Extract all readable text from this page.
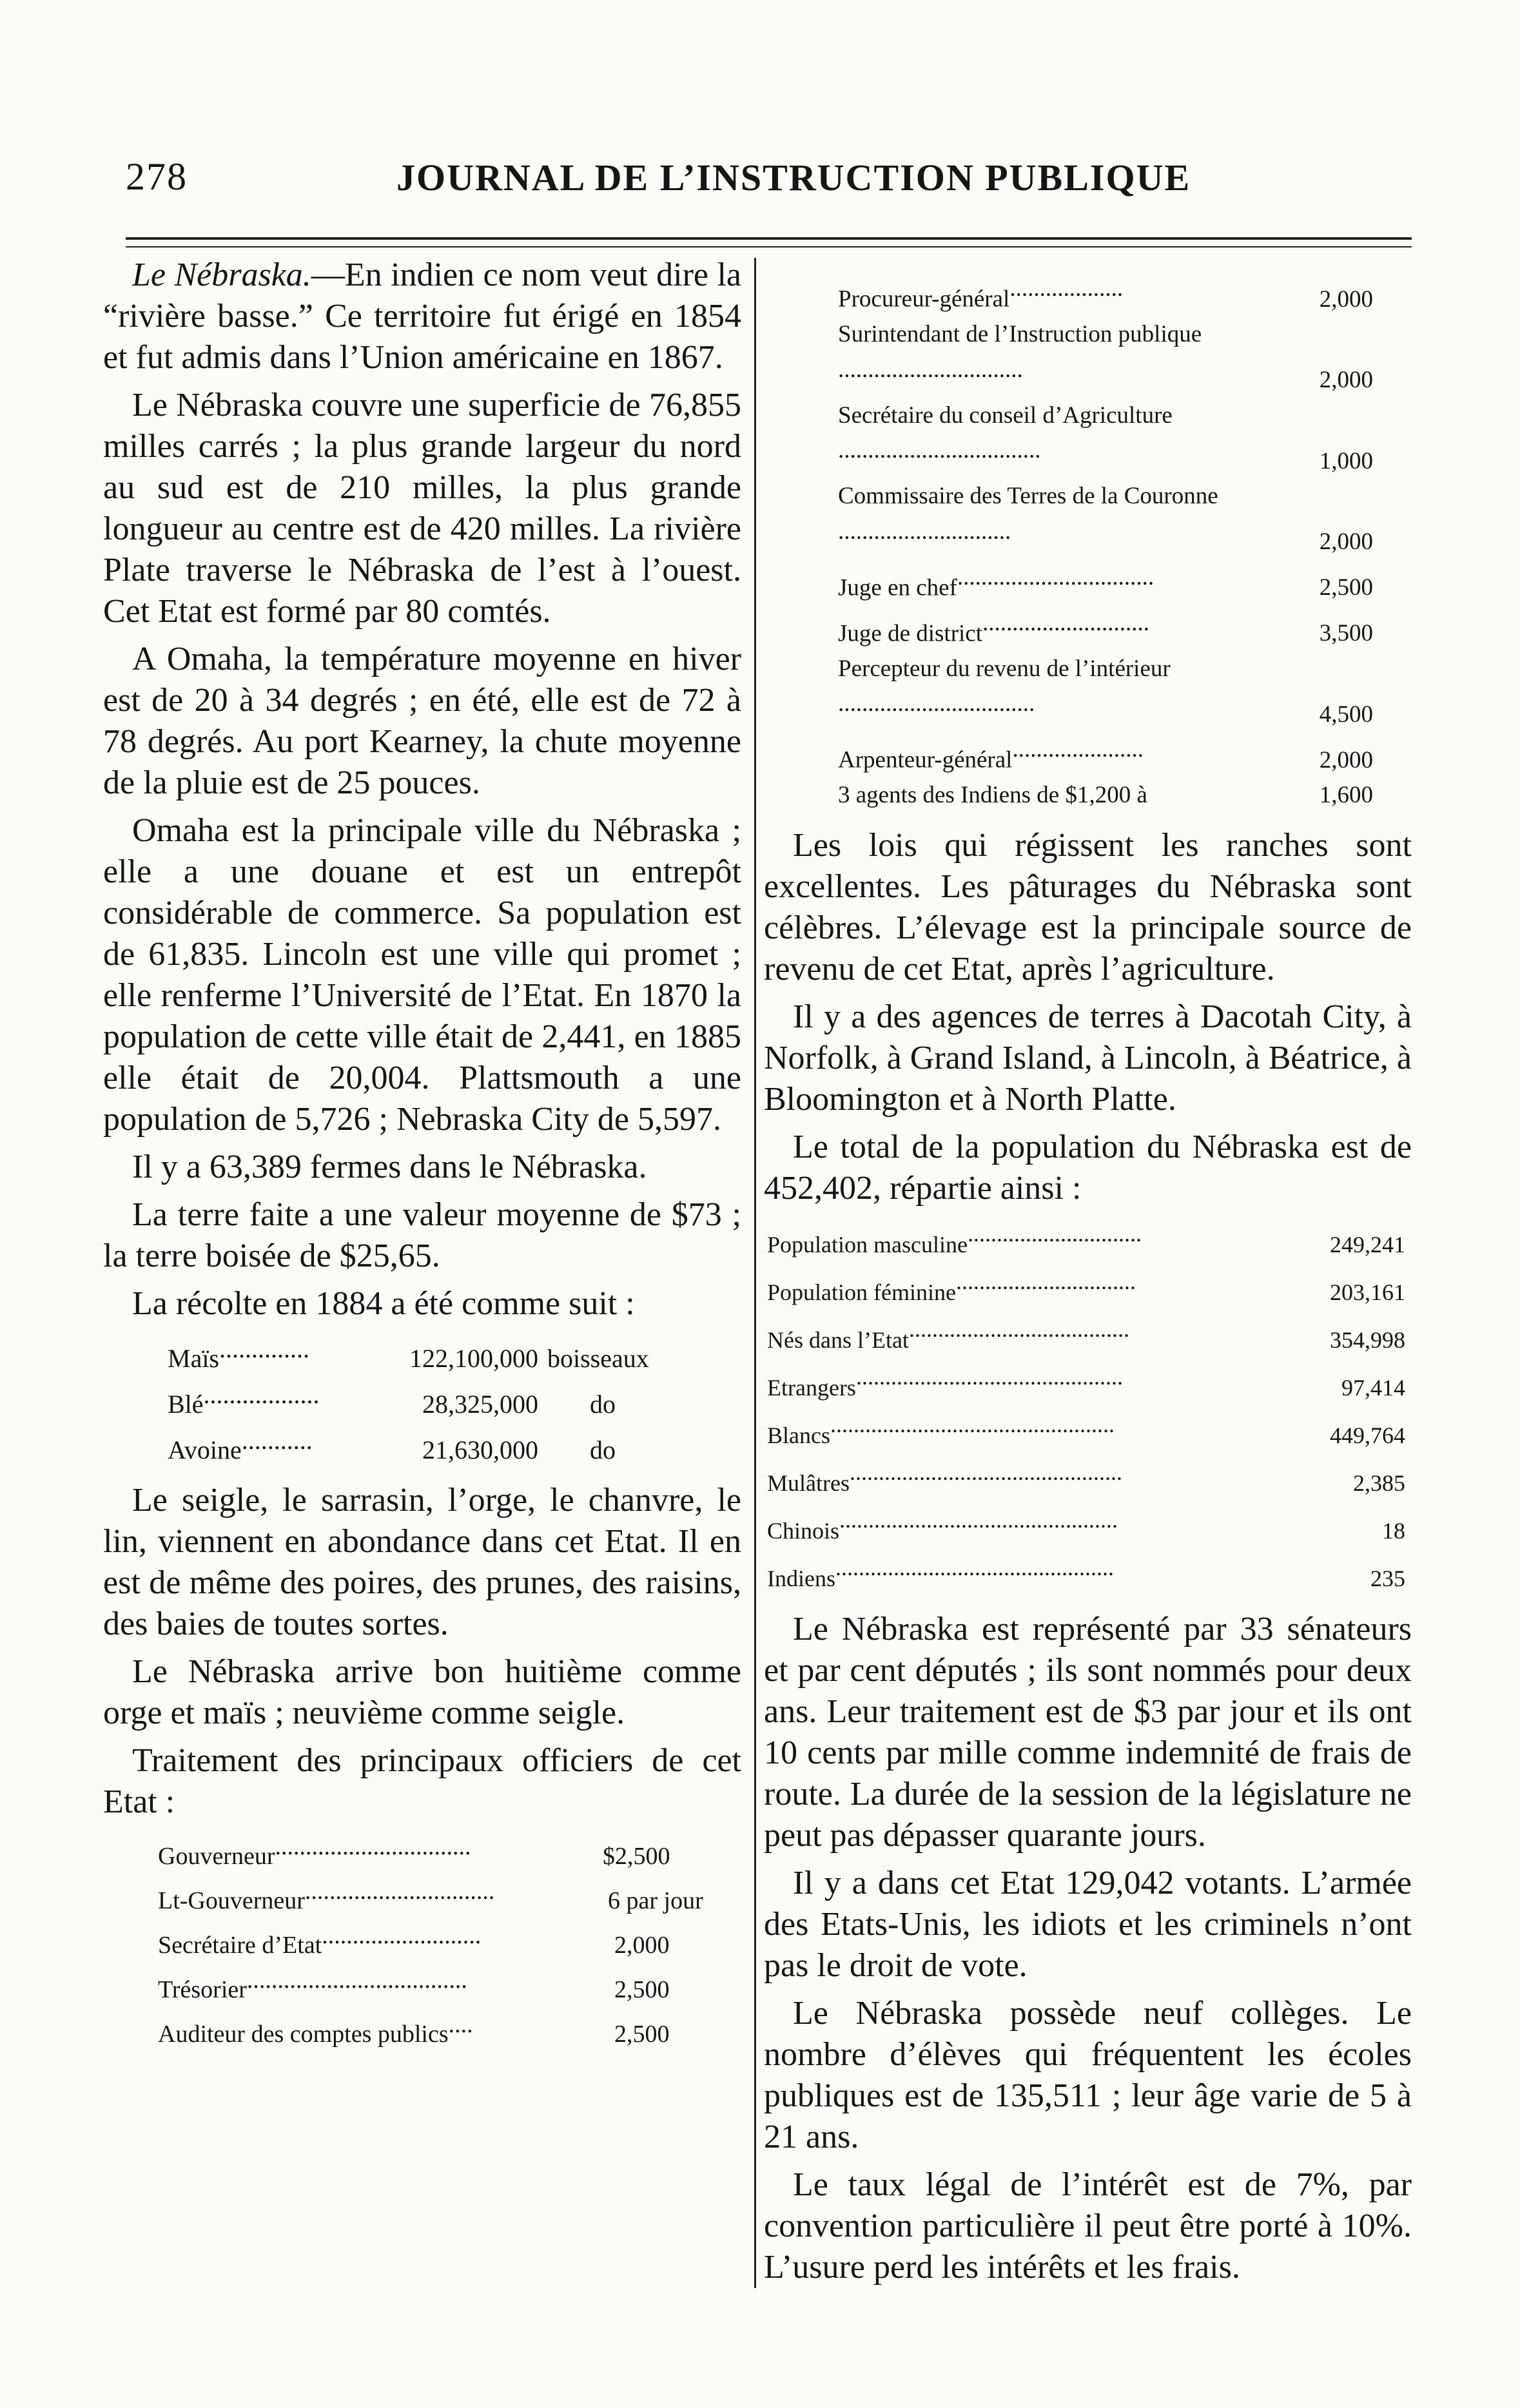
278	JOURNAL DE L’INSTRUCTION PUBLIQUE

Le Nébraska.—En indien ce nom veut dire la “rivière basse.” Ce territoire fut érigé en 1854 et fut admis dans l’Union américaine en 1867.

Le Nébraska couvre une superficie de 76,855 milles carrés ; la plus grande largeur du nord au sud est de 210 milles, la plus grande longueur au centre est de 420 milles. La rivière Plate traverse le Nébraska de l’est à l’ouest. Cet Etat est formé par 80 comtés.

A Omaha, la température moyenne en hiver est de 20 à 34 degrés ; en été, elle est de 72 à 78 degrés. Au port Kearney, la chute moyenne de la pluie est de 25 pouces.

Omaha est la principale ville du Nébraska ; elle a une douane et est un entrepôt considérable de commerce. Sa population est de 61,835. Lincoln est une ville qui promet ; elle renferme l’Université de l’Etat. En 1870 la population de cette ville était de 2,441, en 1885 elle était de 20,004. Plattsmouth a une population de 5,726 ; Nebraska City de 5,597.

Il y a 63,389 fermes dans le Nébraska.

La terre faite a une valeur moyenne de $73 ; la terre boisée de $25,65.

La récolte en 1884 a été comme suit :

Maïs..............	122,100,000	boisseaux
Blé..................	28,325,000	do
Avoine...........	21,630,000	do

Le seigle, le sarrasin, l’orge, le chanvre, le lin, viennent en abondance dans cet Etat. Il en est de même des poires, des prunes, des raisins, des baies de toutes sortes.

Le Nébraska arrive bon huitième comme orge et maïs ; neuvième comme seigle.

Traitement des principaux officiers de cet Etat :

Gouverneur................................	$2,500
Lt-Gouverneur...............................	6 par jour
Secrétaire d’Etat..........................	2,000
Trésorier....................................	2,500
Auditeur des comptes publics....	2,500
Procureur-général...................	2,000
Surintendant de l’Instruction publique...............................	2,000
Secrétaire du conseil d’Agriculture..................................	1,000
Commissaire des Terres de la Couronne.............................	2,000
Juge en chef.................................	2,500
Juge de district............................	3,500
Percepteur du revenu de l’intérieur.................................	4,500
Arpenteur-général......................	2,000
3 agents des Indiens de $1,200 à	1,600

Les lois qui régissent les ranches sont excellentes. Les pâturages du Nébraska sont célèbres. L’élevage est la principale source de revenu de cet Etat, après l’agriculture.

Il y a des agences de terres à Dacotah City, à Norfolk, à Grand Island, à Lincoln, à Béatrice, à Bloomington et à North Platte.

Le total de la population du Nébraska est de 452,402, répartie ainsi :

Population masculine..............................	249,241
Population féminine...............................	203,161
Nés dans l’Etat......................................	354,998
Etrangers..............................................	97,414
Blancs.................................................	449,764
Mulâtres...............................................	2,385
Chinois................................................	18
Indiens................................................	235

Le Nébraska est représenté par 33 sénateurs et par cent députés ; ils sont nommés pour deux ans. Leur traitement est de $3 par jour et ils ont 10 cents par mille comme indemnité de frais de route. La durée de la session de la législature ne peut pas dépasser quarante jours.

Il y a dans cet Etat 129,042 votants. L’armée des Etats-Unis, les idiots et les criminels n’ont pas le droit de vote.

Le Nébraska possède neuf collèges. Le nombre d’élèves qui fréquentent les écoles publiques est de 135,511 ; leur âge varie de 5 à 21 ans.

Le taux légal de l’intérêt est de 7%, par convention particulière il peut être porté à 10%. L’usure perd les intérêts et les frais.
